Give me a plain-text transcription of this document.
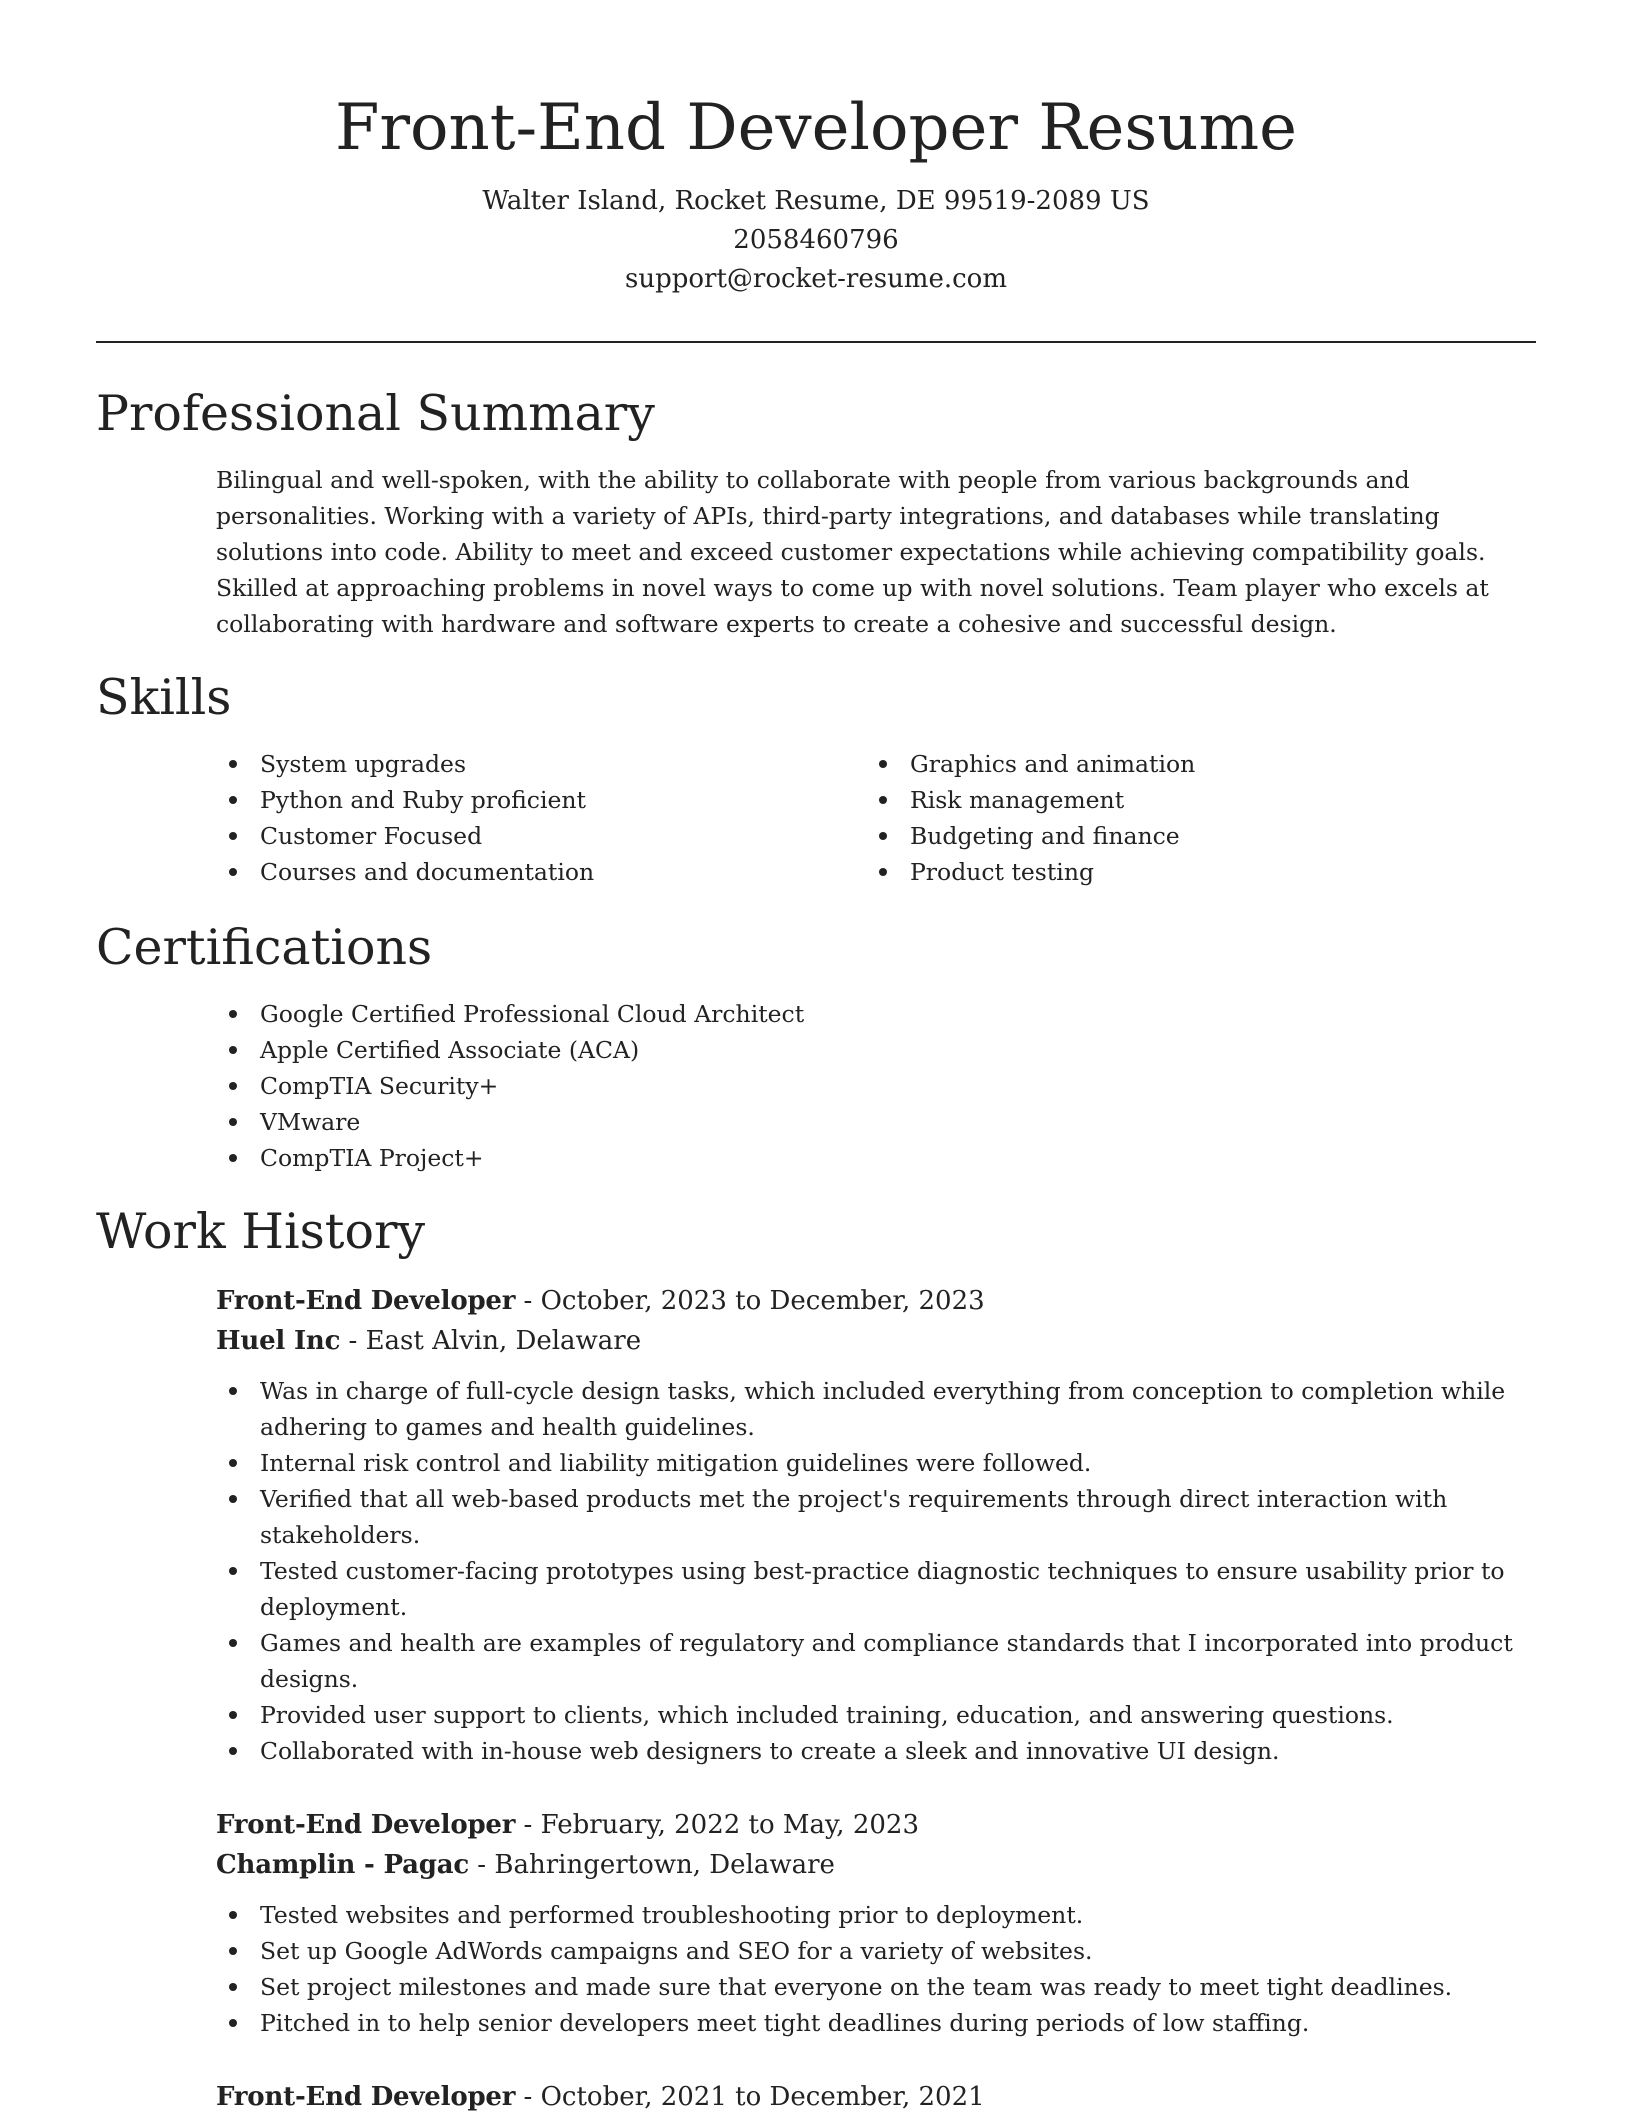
Front-End Developer Resume

Walter Island, Rocket Resume, DE 99519-2089 US

2058460796

support@rocket-resume.com

Professional Summary

Bilingual and well-spoken, with the ability to collaborate with people from various backgrounds and personalities. Working with a variety of APIs, third-party integrations, and databases while translating solutions into code. Ability to meet and exceed customer expectations while achieving compatibility goals. Skilled at approaching problems in novel ways to come up with novel solutions. Team player who excels at collaborating with hardware and software experts to create a cohesive and successful design.

Skills
System upgrades
Python and Ruby proficient
Customer Focused
Courses and documentation
Graphics and animation
Risk management
Budgeting and finance
Product testing
Certifications
Google Certified Professional Cloud Architect
Apple Certified Associate (ACA)
CompTIA Security+
VMware
CompTIA Project+
Work History

Front-End Developer - October, 2023 to December, 2023

Huel Inc - East Alvin, Delaware

Was in charge of full-cycle design tasks, which included everything from conception to completion while adhering to games and health guidelines.
Internal risk control and liability mitigation guidelines were followed.
Verified that all web-based products met the project's requirements through direct interaction with stakeholders.
Tested customer-facing prototypes using best-practice diagnostic techniques to ensure usability prior to deployment.
Games and health are examples of regulatory and compliance standards that I incorporated into product designs.
Provided user support to clients, which included training, education, and answering questions.
Collaborated with in-house web designers to create a sleek and innovative UI design.

Front-End Developer - February, 2022 to May, 2023

Champlin - Pagac - Bahringertown, Delaware

Tested websites and performed troubleshooting prior to deployment.
Set up Google AdWords campaigns and SEO for a variety of websites.
Set project milestones and made sure that everyone on the team was ready to meet tight deadlines.
Pitched in to help senior developers meet tight deadlines during periods of low staffing.

Front-End Developer - October, 2021 to December, 2021
